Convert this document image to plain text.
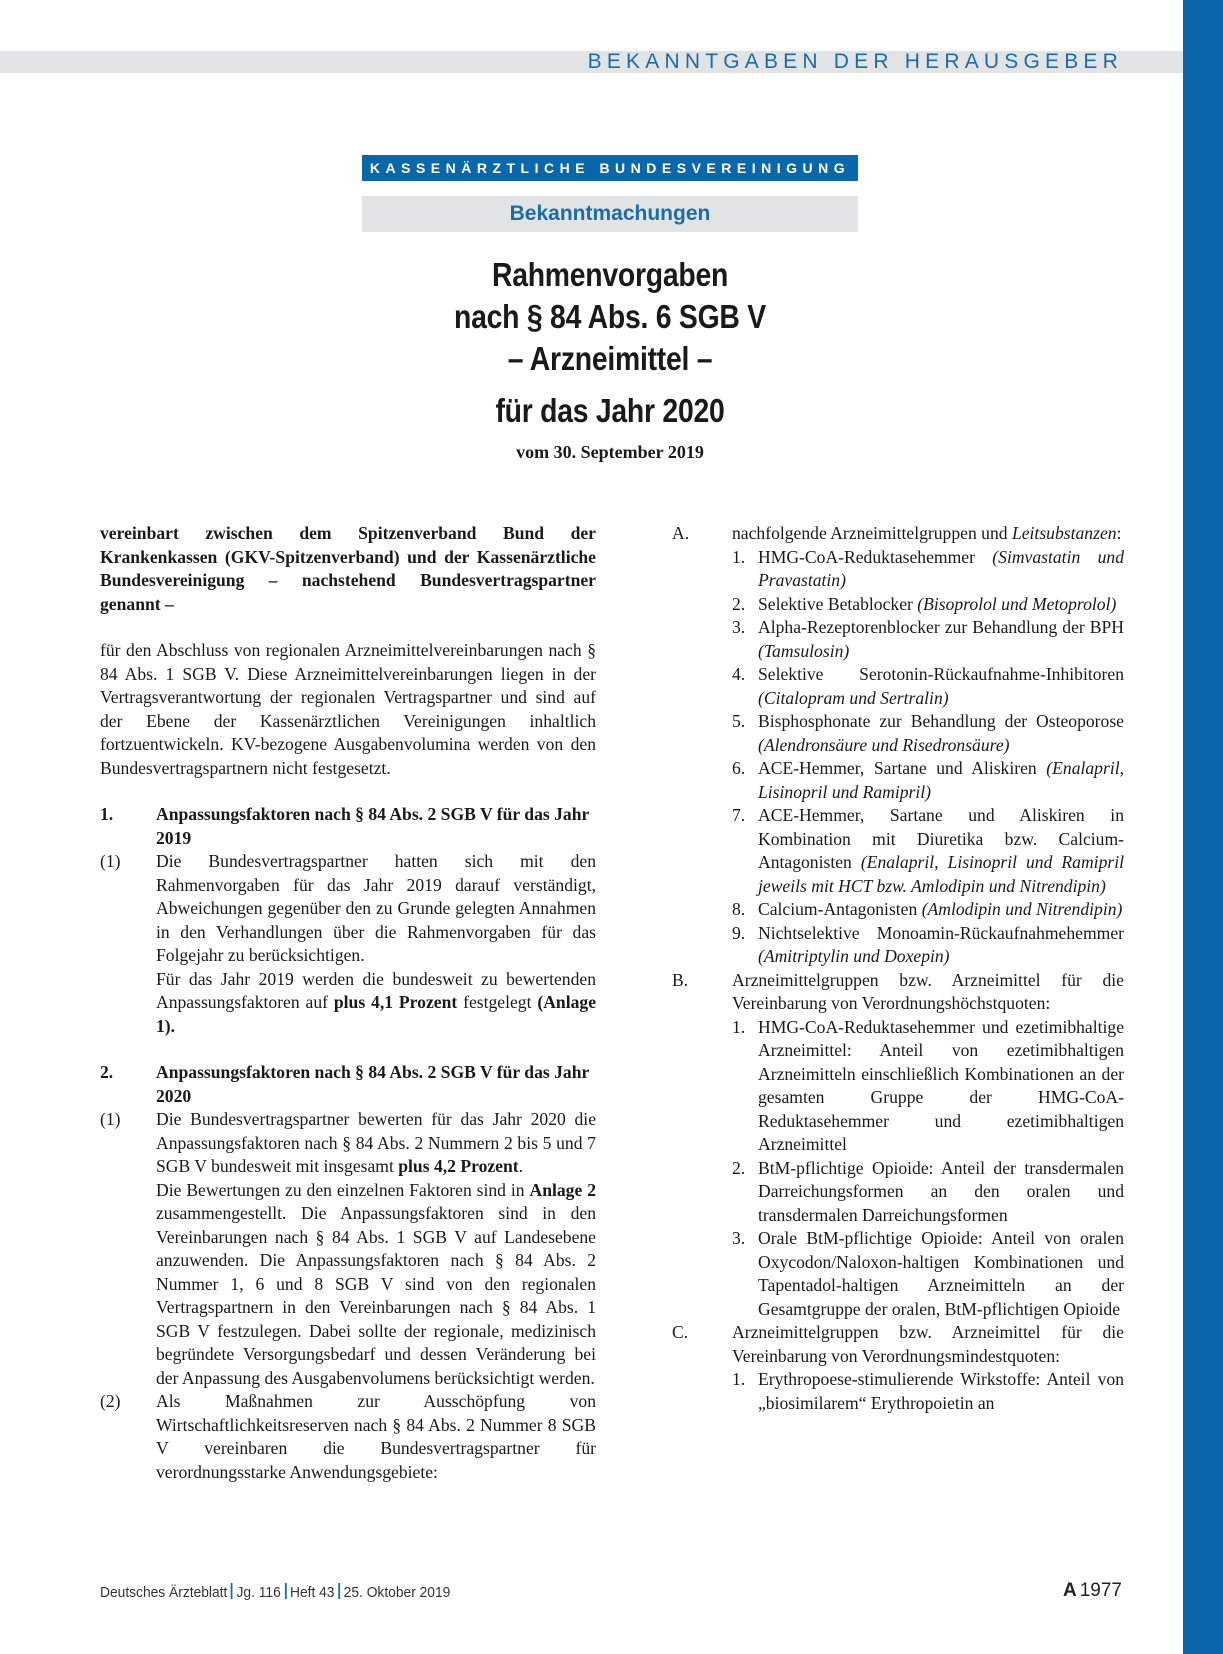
BEKANNTGABEN DER HERAUSGEBER
KASSENÄRZTLICHE BUNDESVEREINIGUNG
Bekanntmachungen
Rahmenvorgaben
nach § 84 Abs. 6 SGB V
– Arzneimittel –
für das Jahr 2020
vom 30. September 2019

vereinbart zwischen dem Spitzenverband Bund der Krankenkassen (GKV-Spitzenverband) und der Kassenärztliche Bundesvereinigung – nachstehend Bundesvertragspartner genannt –

für den Abschluss von regionalen Arzneimittelvereinbarungen nach § 84 Abs. 1 SGB V. Diese Arzneimittelvereinbarungen liegen in der Vertragsverantwortung der regionalen Vertragspartner und sind auf der Ebene der Kassenärztlichen Vereinigungen inhaltlich fortzuentwickeln. KV-bezogene Ausgabenvolumina werden von den Bundesvertragspartnern nicht festgesetzt.

1.	Anpassungsfaktoren nach § 84 Abs. 2 SGB V für das Jahr 2019
(1)	Die Bundesvertragspartner hatten sich mit den Rahmenvorgaben für das Jahr 2019 darauf verständigt, Abweichungen gegenüber den zu Grunde gelegten Annahmen in den Verhandlungen über die Rahmenvorgaben für das Folgejahr zu berücksichtigen.
Für das Jahr 2019 werden die bundesweit zu bewertenden Anpassungsfaktoren auf plus 4,1 Prozent festgelegt (Anlage 1).
2.	Anpassungsfaktoren nach § 84 Abs. 2 SGB V für das Jahr 2020
(1)	Die Bundesvertragspartner bewerten für das Jahr 2020 die Anpassungsfaktoren nach § 84 Abs. 2 Nummern 2 bis 5 und 7 SGB V bundesweit mit insgesamt plus 4,2 Prozent.
Die Bewertungen zu den einzelnen Faktoren sind in Anlage 2 zusammengestellt. Die Anpassungsfaktoren sind in den Vereinbarungen nach § 84 Abs. 1 SGB V auf Landesebene anzuwenden. Die Anpassungsfaktoren nach § 84 Abs. 2 Nummer 1, 6 und 8 SGB V sind von den regionalen Vertragspartnern in den Vereinbarungen nach § 84 Abs. 1 SGB V festzulegen. Dabei sollte der regionale, medizinisch begründete Versorgungsbedarf und dessen Veränderung bei der Anpassung des Ausgabenvolumens berücksichtigt werden.
(2)	Als Maßnahmen zur Ausschöpfung von Wirtschaftlichkeitsreserven nach § 84 Abs. 2 Nummer 8 SGB V vereinbaren die Bundesvertragspartner für verordnungsstarke Anwendungsgebiete:
A.	nachfolgende Arzneimittelgruppen und Leitsubstanzen:
1. HMG-CoA-Reduktasehemmer (Simvastatin und Pravastatin)
2. Selektive Betablocker (Bisoprolol und Metoprolol)
3. Alpha-Rezeptorenblocker zur Behandlung der BPH (Tamsulosin)
4. Selektive Serotonin-Rückaufnahme-Inhibitoren (Citalopram und Sertralin)
5. Bisphosphonate zur Behandlung der Osteoporose (Alendronsäure und Risedronsäure)
6. ACE-Hemmer, Sartane und Aliskiren (Enalapril, Lisinopril und Ramipril)
7. ACE-Hemmer, Sartane und Aliskiren in Kombination mit Diuretika bzw. Calcium-Antagonisten (Enalapril, Lisinopril und Ramipril jeweils mit HCT bzw. Amlodipin und Nitrendipin)
8. Calcium-Antagonisten (Amlodipin und Nitrendipin)
9. Nichtselektive Monoamin-Rückaufnahmehemmer (Amitriptylin und Doxepin)
B.	Arzneimittelgruppen bzw. Arzneimittel für die Vereinbarung von Verordnungshöchstquoten:
1. HMG-CoA-Reduktasehemmer und ezetimibhaltige Arzneimittel: Anteil von ezetimibhaltigen Arzneimitteln einschließlich Kombinationen an der gesamten Gruppe der HMG-CoA-Reduktasehemmer und ezetimibhaltigen Arzneimittel
2. BtM-pflichtige Opioide: Anteil der transdermalen Darreichungsformen an den oralen und transdermalen Darreichungsformen
3. Orale BtM-pflichtige Opioide: Anteil von oralen Oxycodon/Naloxon-haltigen Kombinationen und Tapentadol-haltigen Arzneimitteln an der Gesamtgruppe der oralen, BtM-pflichtigen Opioide
C.	Arzneimittelgruppen bzw. Arzneimittel für die Vereinbarung von Verordnungsmindestquoten:
1. Erythropoese-stimulierende Wirkstoffe: Anteil von „biosimilarem“ Erythropoietin an
Deutsches Ärzteblatt Jg. 116 Heft 43 25. Oktober 2019	A 1977
